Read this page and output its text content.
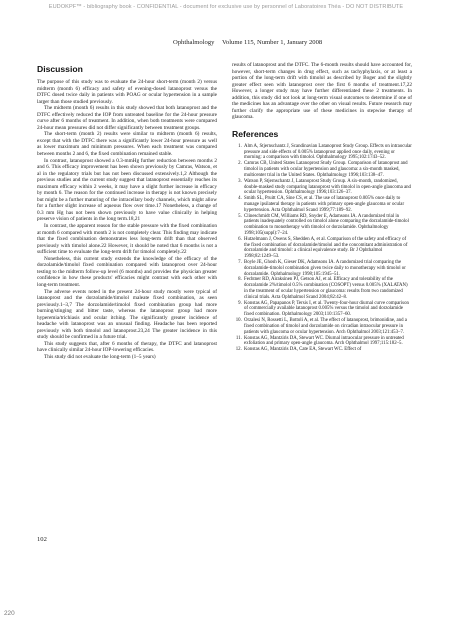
EUDOKPF™ - bibliography book - CONFIDENTIAL - document for exclusive use by personnel of Laboratoires Théa - DO NOT DISTRIBUTE
Ophthalmology Volume 115, Number 1, January 2008
Discussion

The purpose of this study was to evaluate the 24-hour short-term (month 2) versus midterm (month 6) efficacy and safety of evening-dosed latanoprost versus the DTFC dosed twice daily in patients with POAG or ocular hypertension in a sample larger than those studied previously.

The midterm (month 6) results in this study showed that both latanoprost and the DTFC effectively reduced the IOP from untreated baseline for the 24-hour pressure curve after 6 months of treatment. In addition, when both treatments were compared 24-hour mean pressures did not differ significantly between treatment groups.

The short-term (month 2) results were similar to midterm (month 6) results, except that with the DTFC there was a significantly lower 24-hour pressure as well as lower maximum and minimum pressures. When each treatment was compared between months 2 and 6, the fixed combination remained stable.

In contrast, latanoprost showed a 0.3-mmHg further reduction between months 2 and 6. This efficacy improvement has been shown previously by Camras, Watson, et al in the regulatory trials but has not been discussed extensively.1,2 Although the previous studies and the current study suggest that latanoprost essentially reaches its maximum efficacy within 2 weeks, it may have a slight further increase in efficacy by month 6. The reason for the continued increase in therapy is not known precisely but might be a further maturing of the intracellary body channels, which might allow for a further slight increase of aqueous flow over time.17 Nonetheless, a change of 0.3 mm Hg has not been shown previously to have value clinically in helping preserve vision of patients in the long term.18,21

In contrast, the apparent reason for the stable pressure with the fixed combination at month 6 compared with month 2 is not completely clear. This finding may indicate that the fixed combination demonstrates less long-term drift than that observed previously with timolol alone.22 However, it should be noted that 6 months is not a sufficient time to evaluate the long-term drift for timolol completely.22

Nonetheless, this current study extends the knowledge of the efficacy of the dorzolamide/timolol fixed combination compared with latanoprost over 24-hour testing to the midterm follow-up level (6 months) and provides the physician greater confidence in how these products' efficacies might contrast with each other with long-term treatment.

The adverse events noted in the present 24-hour study mostly were typical of latanoprost and the dorzolamide/timolol maleate fixed combination, as seen previously.1–3,7 The dorzolamide/timolol fixed combination group had more burning/stinging and bitter taste, whereas the latanoprost group had more hyperemia/trichiasis and ocular itching. The significantly greater incidence of headache with latanoprost was an unusual finding. Headache has been reported previously with both timolol and latanoprost.23,24 The greater incidence in this study should be confirmed in a future trial.

This study suggests that, after 6 months of therapy, the DTFC and latanoprost have clinically similar 24-hour IOP-lowering efficacies.

This study did not evaluate the long-term (1–5 years)

results of latanoprost and the DTFC. The 6-month results should have accounted for, however, short-term changes in drug effect, such as tachyphylaxis, or at least a portion of the long-term drift with timolol as described by Boger and the slightly greater effect seen with latanoprost over the first 6 months of treatment.17,22 However, a longer study may have further differentiated these 2 treatments. In addition, this study did not look at long-term visual outcomes to determine if one of the medicines has an advantage over the other on visual results. Future research may further clarify the appropriate use of these medicines in stepwise therapy of glaucoma.

References
1. Alm A, Stjernschantz J, Scandinavian Latanoprost Study Group. Effects on intraocular pressure and side effects of 0.005% latanoprost applied once daily, evening or morning: a comparison with timolol. Ophthalmology 1995;102:1743–52.
2. Camras CB, United States Latanoprost Study Group. Comparison of latanoprost and timolol in patients with ocular hypertension and glaucoma: a six-month masked, multicenter trial in the United States. Ophthalmology 1996;103:138–47.
3. Watson P, Stjernschantz J, Latanoprost Study Group. A six-month, randomized, double-masked study comparing latanoprost with timolol in open-angle glaucoma and ocular hypertension. Ophthalmology 1996;103:126–37.
4. Smith SL, Pruitt CA, Sine CS, et al. The use of latanoprost 0.005% once daily to manage ipsilateral therapy in patients with primary open-angle glaucoma or ocular hypertension. Acta Ophthalmol Scand 1999;77:189–92.
5. Clineschmidt CM, Williams RD, Snyder E, Adamsons IA. A randomized trial in patients inadequately controlled on timolol alone comparing the dorzolamide-timolol combination to monotherapy with timolol or dorzolamide. Ophthalmology 1998;105(suppl):7–24.
6. Hutzelmann J, Owens S, Shedden A, et al. Comparison of the safety and efficacy of the fixed combination of dorzolamide/timolol and the concomitant administration of dorzolamide and timolol: a clinical equivalence study. Br J Ophthalmol 1998;82:1249–53.
7. Boyle JE, Ghosh K, Gieser DK, Adamsons IA. A randomized trial comparing the dorzolamide-timolol combination given twice daily to monotherapy with timolol or dorzolamide. Ophthalmology 1998;105:1945–51.
8. Fechtner RD, Airaksinen PJ, Getson AJ, et al. Efficacy and tolerability of the dorzolamide 2%/timolol 0.5% combination (COSOPT) versus 0.005% (XALATAN) in the treatment of ocular hypertension or glaucoma: results from two randomized clinical trials. Acta Ophthalmol Scand 2004;82:42–8.
9. Konstas AG, Papapanos P, Tersis I, et al. Twenty-four-hour diurnal curve comparison of commercially available latanoprost 0.005% versus the timolol and dorzolamide fixed combination. Ophthalmology 2003;110:1357–60.
10. Orzalesi N, Rossetti L, Bottoli A, et al. The effect of latanoprost, brimonidine, and a fixed combination of timolol and dorzolamide on circadian intraocular pressure in patients with glaucoma or ocular hypertension. Arch Ophthalmol 2003;121:453–7.
11. Konstas AG, Mantziris DA, Stewart WC. Diurnal intraocular pressure in untreated exfoliation and primary open-angle glaucoma. Arch Ophthalmol 1997;115:182–5.
12. Konstas AG, Mantziris DA, Cate EA, Stewart WC. Effect of
102
220
